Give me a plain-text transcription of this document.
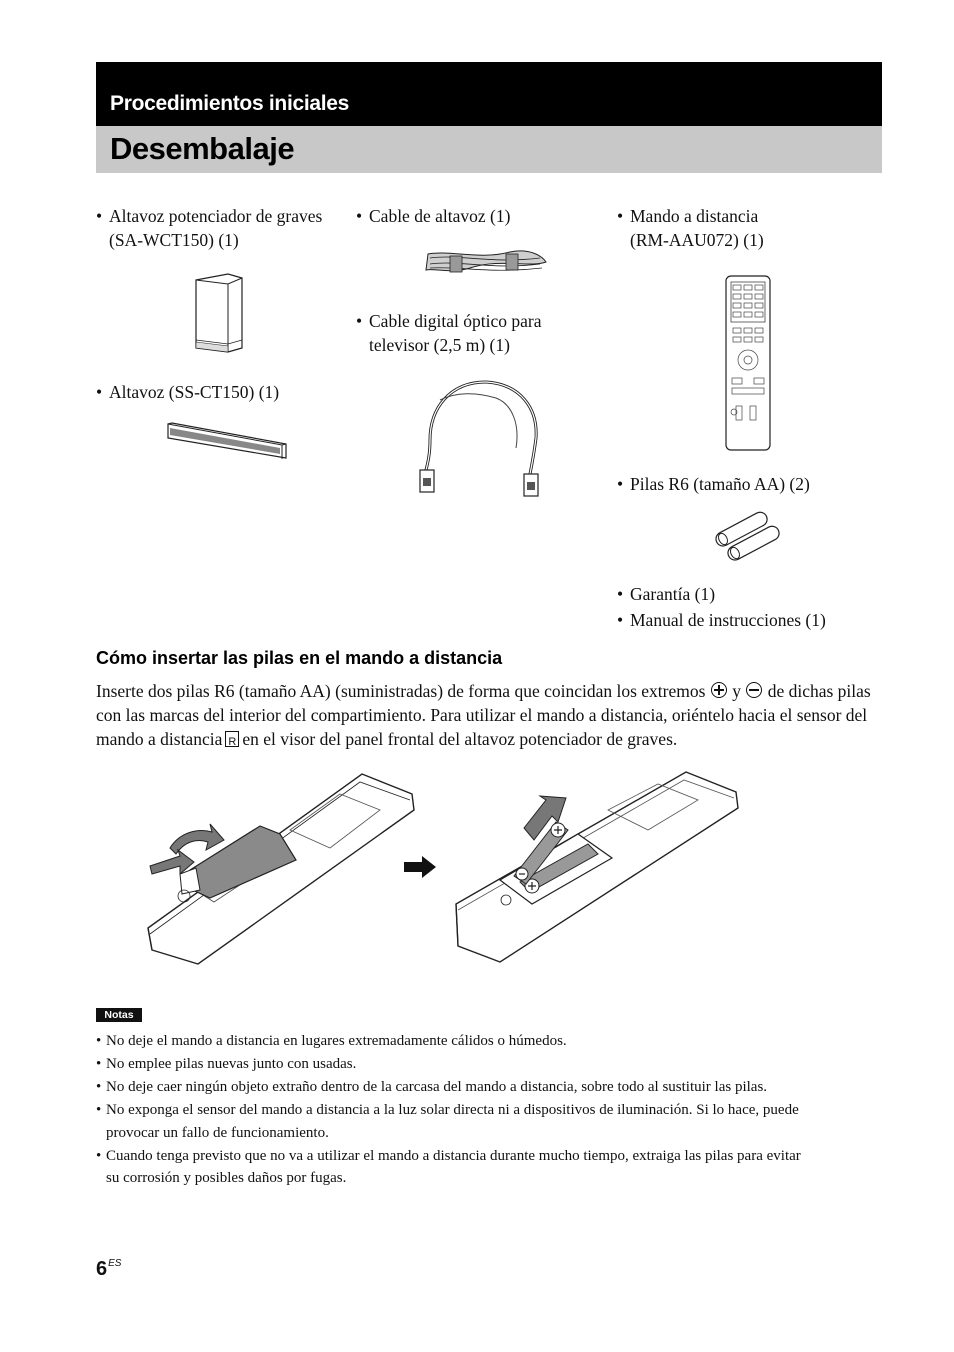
Procedimientos iniciales
Desembalaje
• Altavoz potenciador de graves
(SA-WCT150) (1)
• Altavoz (SS-CT150) (1)
• Cable de altavoz (1)
• Cable digital óptico para
televisor (2,5 m) (1)
• Mando a distancia
(RM-AAU072) (1)
• Pilas R6 (tamaño AA) (2)
• Garantía (1)
• Manual de instrucciones (1)
Cómo insertar las pilas en el mando a distancia
Inserte dos pilas R6 (tamaño AA) (suministradas) de forma que coincidan los extremos y de dichas pilas con las marcas del interior del compartimiento. Para utilizar el mando a distancia, oriéntelo hacia el sensor del mando a distanciaR en el visor del panel frontal del altavoz potenciador de graves.
Notas
• No deje el mando a distancia en lugares extremadamente cálidos o húmedos.
• No emplee pilas nuevas junto con usadas.
• No deje caer ningún objeto extraño dentro de la carcasa del mando a distancia, sobre todo al sustituir las pilas.
• No exponga el sensor del mando a distancia a la luz solar directa ni a dispositivos de iluminación. Si lo hace, puede
provocar un fallo de funcionamiento.
• Cuando tenga previsto que no va a utilizar el mando a distancia durante mucho tiempo, extraiga las pilas para evitar
su corrosión y posibles daños por fugas.
$6^{ES}$
